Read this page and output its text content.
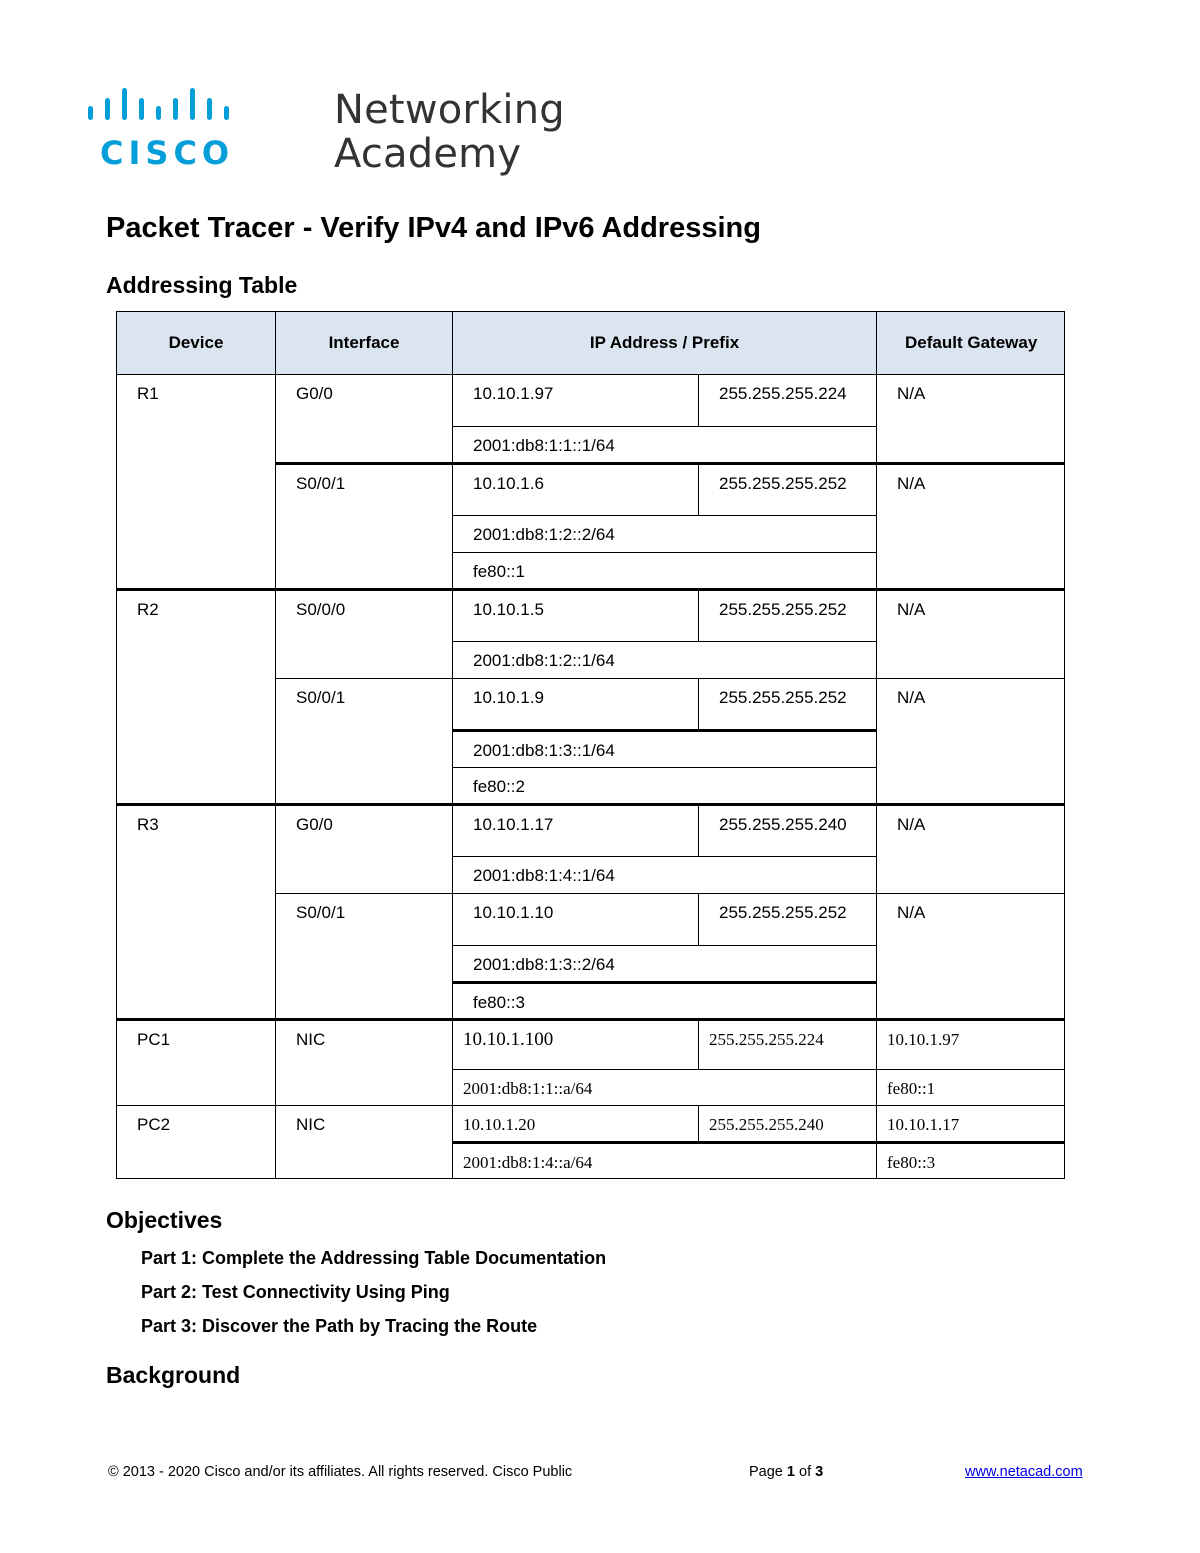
CISCO
Networking
Academy
Packet Tracer - Verify IPv4 and IPv6 Addressing
Addressing Table
Device	Interface	IP Address / Prefix		Default Gateway
R1	G0/0	10.10.1.97	255.255.255.224	N/A
		2001:db8:1:1::1/64		
	S0/0/1	10.10.1.6	255.255.255.252	N/A
		2001:db8:1:2::2/64		
		fe80::1		
R2	S0/0/0	10.10.1.5	255.255.255.252	N/A
		2001:db8:1:2::1/64		
	S0/0/1	10.10.1.9	255.255.255.252	N/A
		2001:db8:1:3::1/64		
		fe80::2		
R3	G0/0	10.10.1.17	255.255.255.240	N/A
		2001:db8:1:4::1/64		
	S0/0/1	10.10.1.10	255.255.255.252	N/A
		2001:db8:1:3::2/64		
		fe80::3		
PC1	NIC	10.10.1.100	255.255.255.224	10.10.1.97
		2001:db8:1:1::a/64		fe80::1
PC2	NIC	10.10.1.20	255.255.255.240	10.10.1.17
		2001:db8:1:4::a/64		fe80::3
Objectives
Part 1: Complete the Addressing Table Documentation
Part 2: Test Connectivity Using Ping
Part 3: Discover the Path by Tracing the Route
Background
© 2013 - 2020 Cisco and/or its affiliates. All rights reserved. Cisco Public	Page 1 of 3	www.netacad.com
